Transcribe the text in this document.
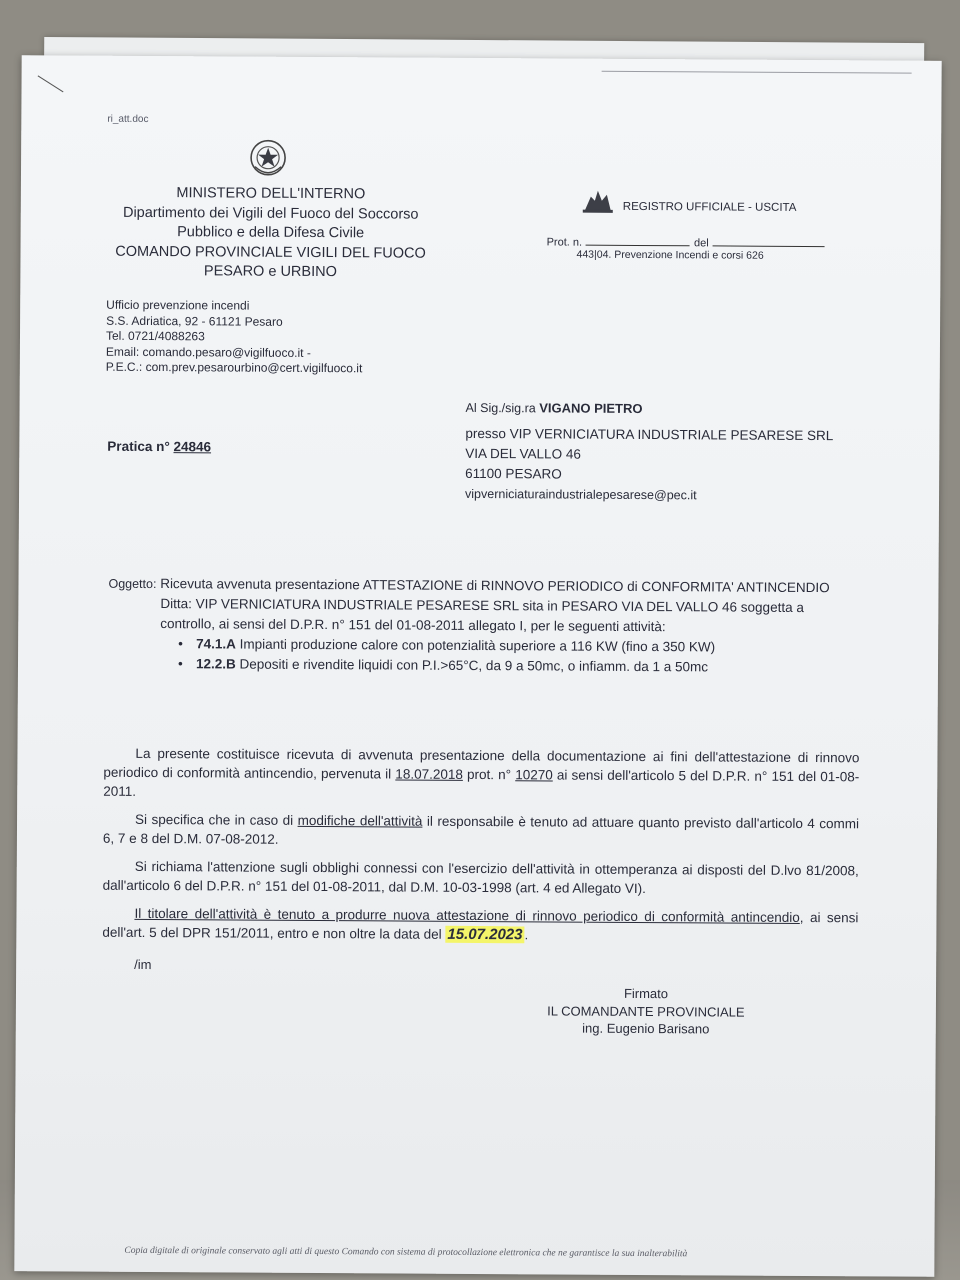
ri_att.doc
MINISTERO DELL'INTERNO
Dipartimento dei Vigili del Fuoco del Soccorso
Pubblico e della Difesa Civile
COMANDO PROVINCIALE VIGILI DEL FUOCO
PESARO e URBINO
REGISTRO UFFICIALE - USCITA
Prot. n.	del
443|04. Prevenzione Incendi e corsi 626
Ufficio prevenzione incendi
S.S. Adriatica, 92 - 61121 Pesaro
Tel. 0721/4088263
Email: comando.pesaro@vigilfuoco.it -
P.E.C.: com.prev.pesarourbino@cert.vigilfuoco.it
Al Sig./sig.ra VIGANO PIETRO
presso VIP VERNICIATURA INDUSTRIALE PESARESE SRL
VIA DEL VALLO 46
61100 PESARO
vipverniciaturaindustrialepesarese@pec.it
Pratica n° 24846
Oggetto: Ricevuta avvenuta presentazione ATTESTAZIONE di RINNOVO PERIODICO di CONFORMITA' ANTINCENDIO
Ditta: VIP VERNICIATURA INDUSTRIALE PESARESE SRL sita in PESARO VIA DEL VALLO 46 soggetta a
controllo, ai sensi del D.P.R. n° 151 del 01-08-2011 allegato I, per le seguenti attività:
• 74.1.A Impianti produzione calore con potenzialità superiore a 116 KW (fino a 350 KW)
• 12.2.B Depositi e rivendite liquidi con P.I.>65°C, da 9 a 50mc, o infiamm. da 1 a 50mc

La presente costituisce ricevuta di avvenuta presentazione della documentazione ai fini dell'attestazione di rinnovo periodico di conformità antincendio, pervenuta il 18.07.2018 prot. n° 10270 ai sensi dell'articolo 5 del D.P.R. n° 151 del 01-08-2011.

Si specifica che in caso di modifiche dell'attività il responsabile è tenuto ad attuare quanto previsto dall'articolo 4 commi 6, 7 e 8 del D.M. 07-08-2012.

Si richiama l'attenzione sugli obblighi connessi con l'esercizio dell'attività in ottemperanza ai disposti del D.lvo 81/2008, dall'articolo 6 del D.P.R. n° 151 del 01-08-2011, dal D.M. 10-03-1998 (art. 4 ed Allegato VI).

Il titolare dell'attività è tenuto a produrre nuova attestazione di rinnovo periodico di conformità antincendio, ai sensi dell'art. 5 del DPR 151/2011, entro e non oltre la data del 15.07.2023 .

/im
Firmato
IL COMANDANTE PROVINCIALE
ing. Eugenio Barisano
Copia digitale di originale conservato agli atti di questo Comando con sistema di protocollazione elettronica che ne garantisce la sua inalterabilità
